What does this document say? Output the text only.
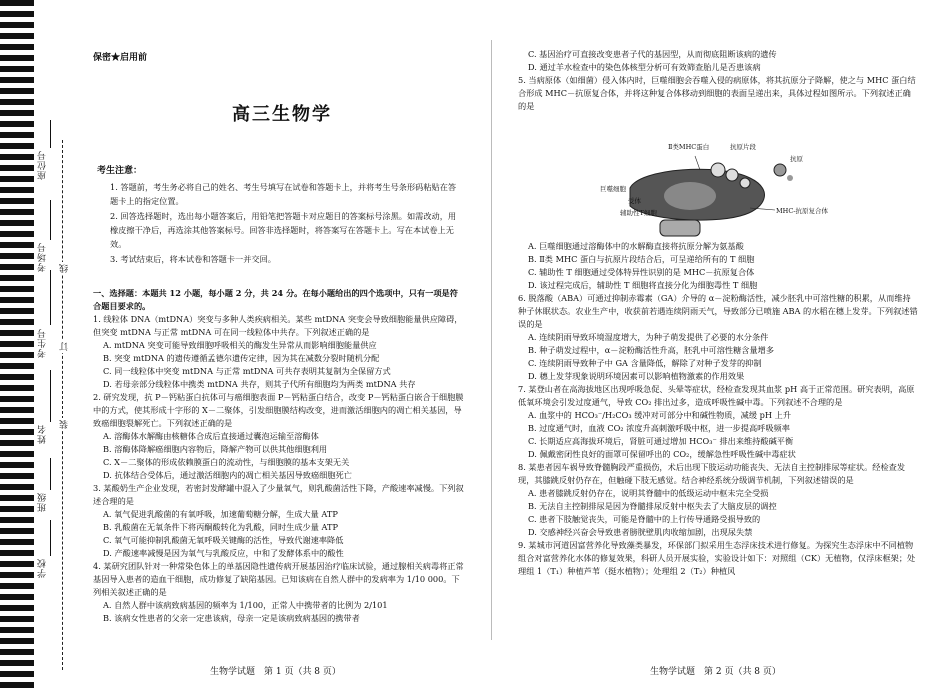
座位号
考场号
考生号
姓名
班级
学校
线
订
装
保密★启用前
高三生物学
考生注意：

1. 答题前，考生务必将自己的姓名、考生号填写在试卷和答题卡上，并将考生号条形码粘贴在答题卡上的指定位置。

2. 回答选择题时，选出每小题答案后，用铅笔把答题卡对应题目的答案标号涂黑。如需改动，用橡皮擦干净后，再选涂其他答案标号。回答非选择题时，将答案写在答题卡上。写在本试卷上无效。

3. 考试结束后，将本试卷和答题卡一并交回。

一、选择题：本题共 12 小题，每小题 2 分，共 24 分。在每小题给出的四个选项中，只有一项是符合题目要求的。

1. 线粒体 DNA（mtDNA）突变与多种人类疾病相关。某些 mtDNA 突变会导致细胞能量供应障碍，但突变 mtDNA 与正常 mtDNA 可在同一线粒体中共存。下列叙述正确的是

A. mtDNA 突变可能导致细胞呼吸相关的酶发生异常从而影响细胞能量供应

B. 突变 mtDNA 的遗传遵循孟德尔遗传定律，因为其在减数分裂时随机分配

C. 同一线粒体中突变 mtDNA 与正常 mtDNA 可共存表明其复制为全保留方式

D. 若母亲部分线粒体中携类 mtDNA 共存，则其子代所有细胞均为两类 mtDNA 共存

2. 研究发现，抗 P－钙粘蛋白抗体可与癌细胞表面 P－钙粘蛋白结合，改变 P－钙粘蛋白嵌合于细胞膜中的方式，使其形成十字形的 X－二聚体，引发细胞膜结构改变，进而激活细胞内的凋亡相关基因，导致癌细胞裂解死亡。下列叙述正确的是

A. 溶酶体水解酶由核糖体合成后直接通过囊泡运输至溶酶体

B. 溶酶体降解癌细胞内容物后，降解产物可以供其他细胞利用

C. X－二聚体的形成依赖膜蛋白的流动性，与细胞膜的基本支架无关

D. 抗体结合受体后，通过激活细胞内的凋亡相关基因导致癌细胞死亡

3. 某酸奶生产企业发现，若密封发酵罐中混入了少量氧气，则乳酸菌活性下降，产酸速率减慢。下列叙述合理的是

A. 氧气促进乳酸菌的有氧呼吸，加速葡萄糖分解，生成大量 ATP

B. 乳酸菌在无氧条件下将丙酮酸转化为乳酸，同时生成少量 ATP

C. 氧气可能抑制乳酸菌无氧呼吸关键酶的活性，导致代谢速率降低

D. 产酸速率减慢是因为氧气与乳酸反应，中和了发酵体系中的酸性

4. 某研究团队针对一种常染色体上的单基因隐性遗传病开展基因治疗临床试验，通过腺相关病毒将正常基因导入患者的造血干细胞，成功修复了缺陷基因。已知该病在自然人群中的发病率为 1/10 000。下列相关叙述正确的是

A. 自然人群中该病致病基因的频率为 1/100，正常人中携带者的比例为 2/101

B. 该病女性患者的父亲一定患该病，母亲一定是该病致病基因的携带者

C. 基因治疗可直接改变患者子代的基因型，从而彻底阻断该病的遗传

D. 通过羊水检查中的染色体核型分析可有效筛查胎儿是否患该病

5. 当病原体（如细菌）侵入体内时，巨噬细胞会吞噬入侵的病原体，将其抗原分子降解，使之与 MHC 蛋白结合形成 MHC－抗原复合体，并将这种复合体移动到细胞的表面呈递出来，具体过程如图所示。下列叙述正确的是

Ⅱ类MHC蛋白	抗原片段
抗原
巨噬细胞
受体
辅助性T细胞	MHC-抗原复合体

A. 巨噬细胞通过溶酶体中的水解酶直接将抗原分解为氨基酸

B. Ⅱ类 MHC 蛋白与抗原片段结合后，可呈递给所有的 T 细胞

C. 辅助性 T 细胞通过受体特异性识别的是 MHC－抗原复合体

D. 该过程完成后，辅助性 T 细胞将直接分化为细胞毒性 T 细胞

6. 脱落酸（ABA）可通过抑制赤霉素（GA）介导的 α－淀粉酶活性，减少胚乳中可溶性糖的积累，从而维持种子休眠状态。农业生产中，收获前若遇连续阴雨天气，导致部分已喷施 ABA 的水稻在穗上发芽。下列叙述错误的是

A. 连续阴雨导致环境湿度增大，为种子萌发提供了必要的水分条件

B. 种子萌发过程中，α－淀粉酶活性升高，胚乳中可溶性糖含量增多

C. 连续阴雨导致种子中 GA 含量降低，解除了对种子发芽的抑制

D. 穗上发芽现象说明环境因素可以影响植物激素的作用效果

7. 某登山者在高海拔地区出现呼吸急促、头晕等症状，经检查发现其血浆 pH 高于正常范围。研究表明，高原低氧环境会引发过度通气，导致 CO₂ 排出过多，造成呼吸性碱中毒。下列叙述不合理的是

A. 血浆中的 HCO₃⁻/H₂CO₃ 缓冲对可部分中和碱性物质，减缓 pH 上升

B. 过度通气时，血液 CO₂ 浓度升高刺激呼吸中枢，进一步提高呼吸频率

C. 长期适应高海拔环境后，肾脏可通过增加 HCO₃⁻ 排出来维持酸碱平衡

D. 佩戴密闭性良好的面罩可保留呼出的 CO₂，缓解急性呼吸性碱中毒症状

8. 某患者因车祸导致脊髓胸段严重损伤，术后出现下肢运动功能丧失、无法自主控制排尿等症状。经检查发现，其膝跳反射仍存在，但触碰下肢无感觉。结合神经系统分级调节机制，下列叙述错误的是

A. 患者膝跳反射仍存在，说明其脊髓中的低级运动中枢未完全受损

B. 无法自主控制排尿是因为脊髓排尿反射中枢失去了大脑皮层的调控

C. 患者下肢触觉丧失，可能是脊髓中的上行传导通路受损导致的

D. 交感神经兴奋会导致患者膀胱壁肌肉收缩加剧，出现尿失禁

9. 某城市河道因富营养化导致藻类暴发，环保部门拟采用生态浮床技术进行修复。为探究生态浮床中不同植物组合对富营养化水体的修复效果，科研人员开展实验，实验设计如下：对照组（CK）无植物，仅浮床框架；处理组 1（T₁）种植芦苇（挺水植物）；处理组 2（T₂）种植风

生物学试题　第 1 页（共 8 页）	生物学试题　第 2 页（共 8 页）
